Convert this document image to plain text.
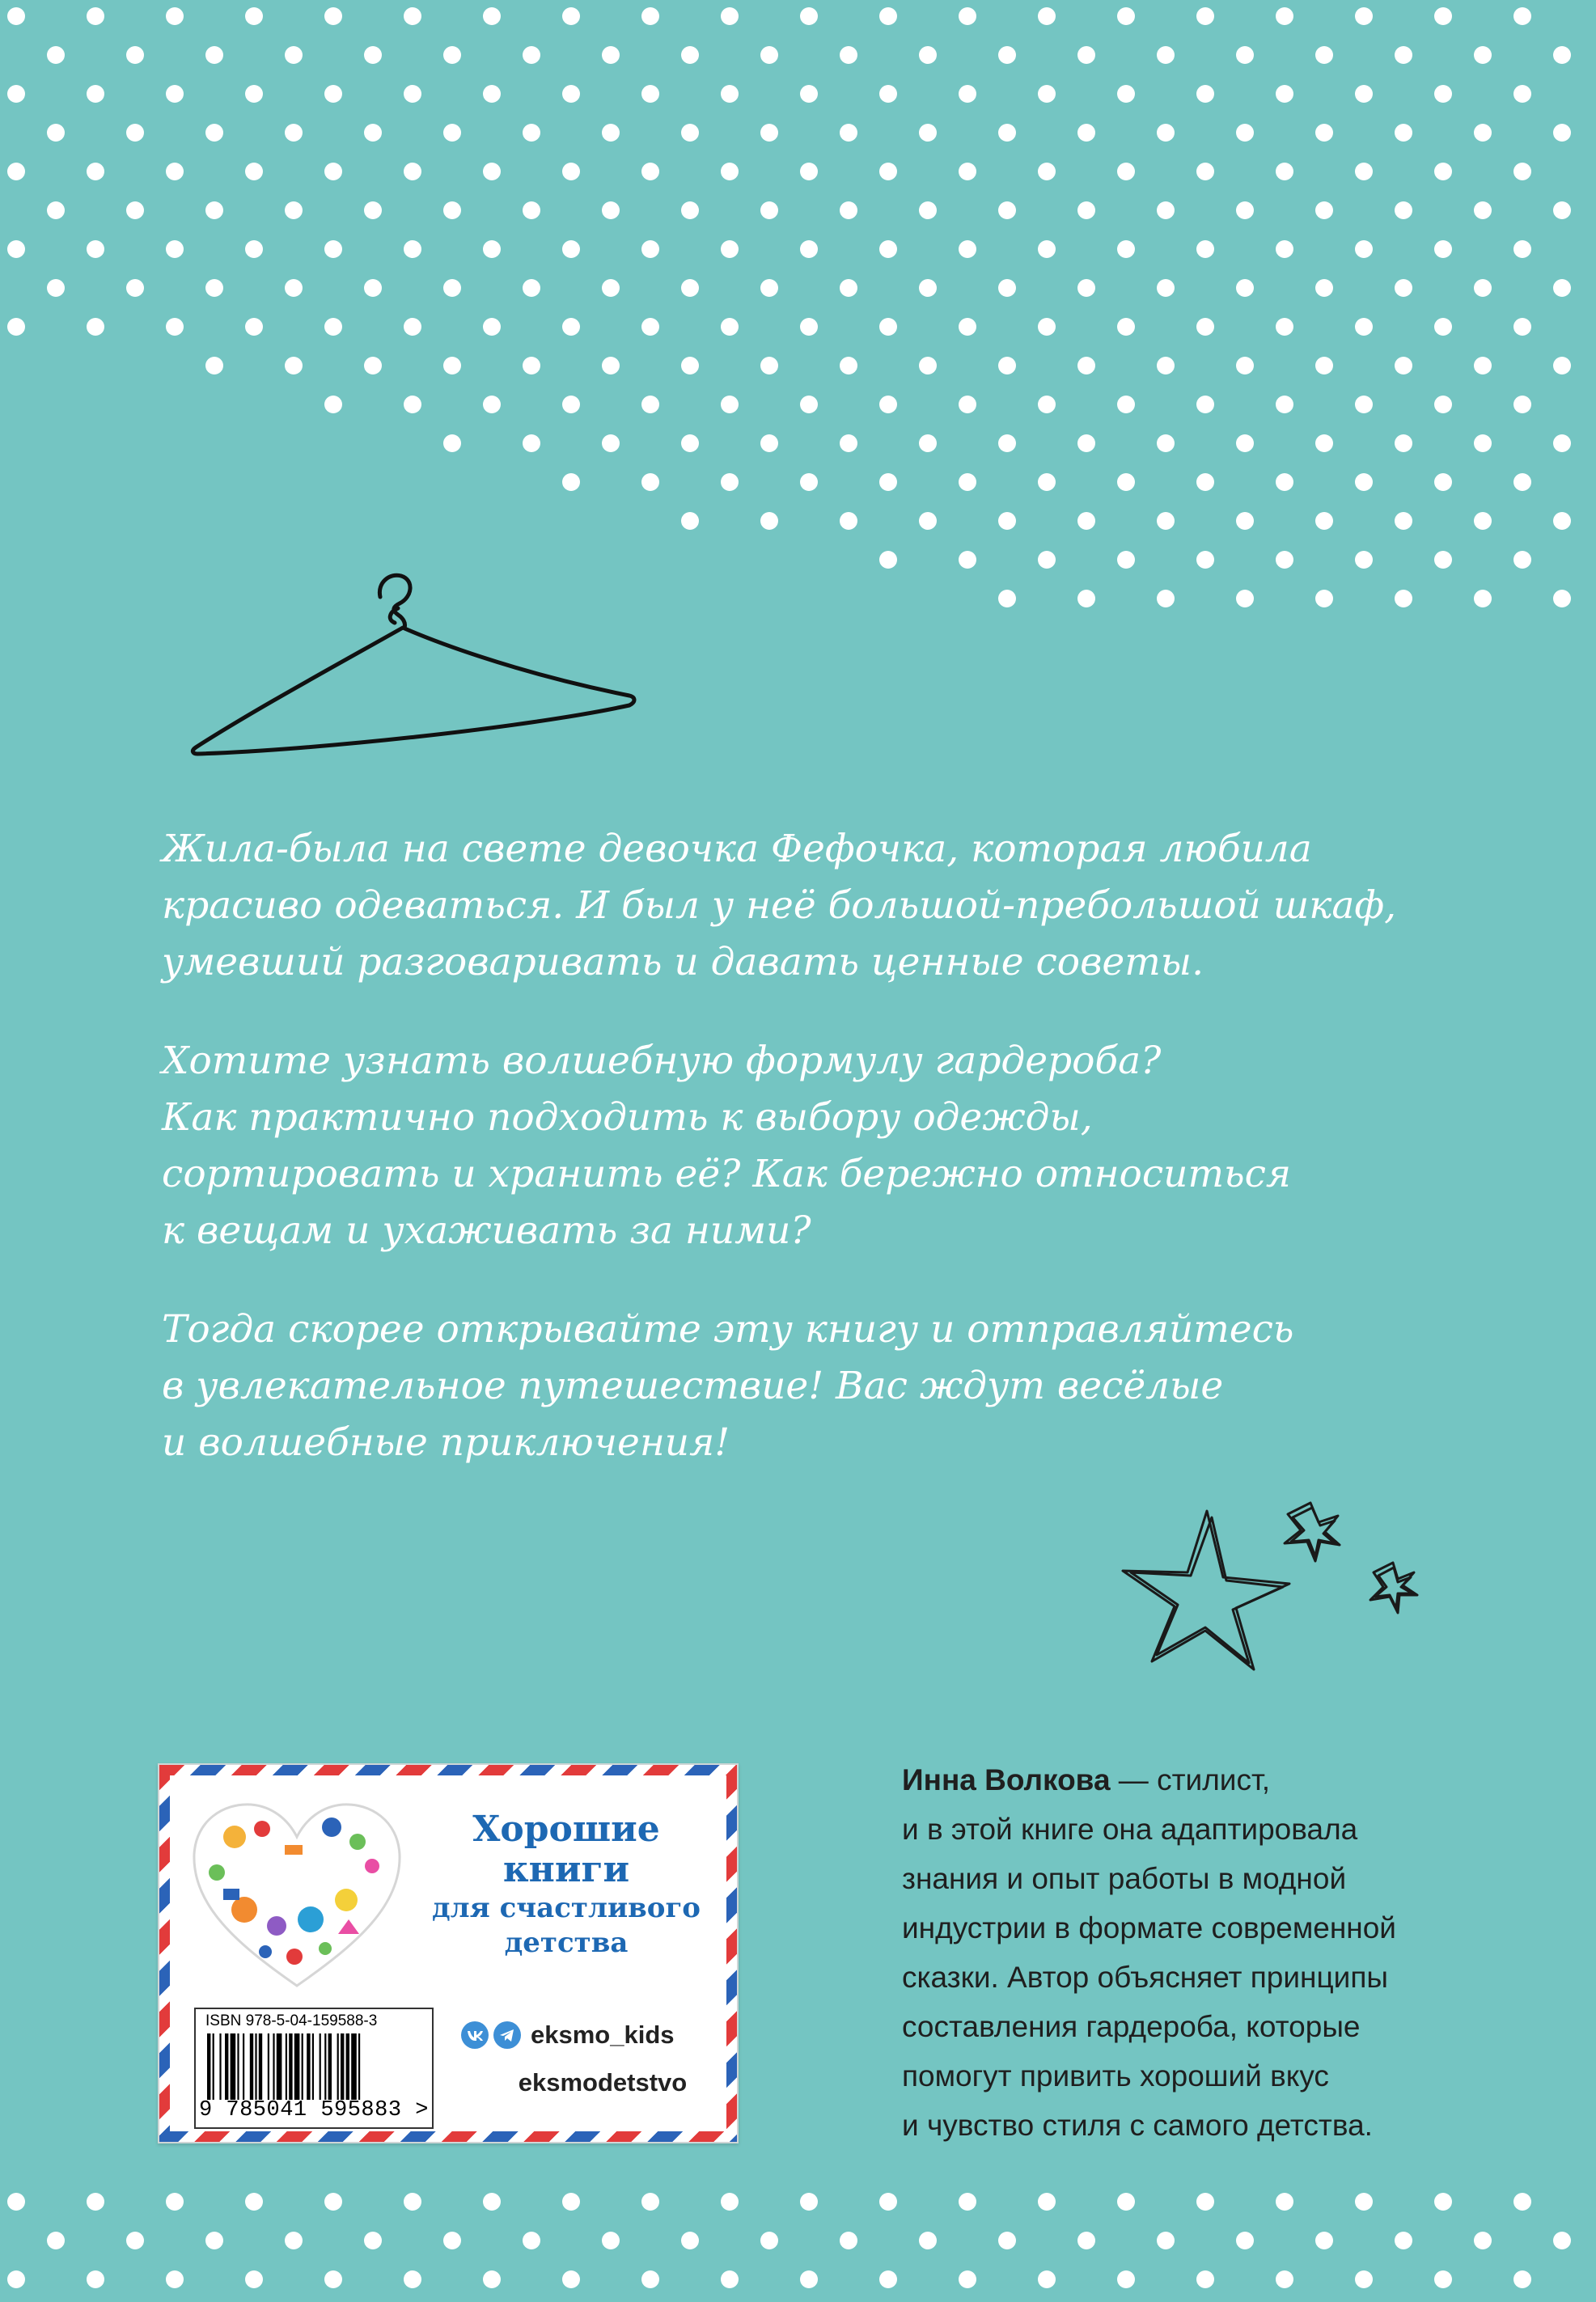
Жила-была на свете девочка Фефочка, которая любила
красиво одеваться. И был у неё большой-пребольшой шкаф,
умевший разговаривать и давать ценные советы.

Хотите узнать волшебную формулу гардероба?
Как практично подходить к выбору одежды,
сортировать и хранить её? Как бережно относиться
к вещам и ухаживать за ними?

Тогда скорее открывайте эту книгу и отправляйтесь
в увлекательное путешествие! Вас ждут весёлые
и волшебные приключения!

Хорошие
книги
для счастливого
детства
ISBN 978-5-04-159588-3
9 785041 595883 >
eksmo_kids
eksmodetstvo
Инна Волкова — стилист,
и в этой книге она адаптировала
знания и опыт работы в модной
индустрии в формате современной
сказки. Автор объясняет принципы
составления гардероба, которые
помогут привить хороший вкус
и чувство стиля с самого детства.
